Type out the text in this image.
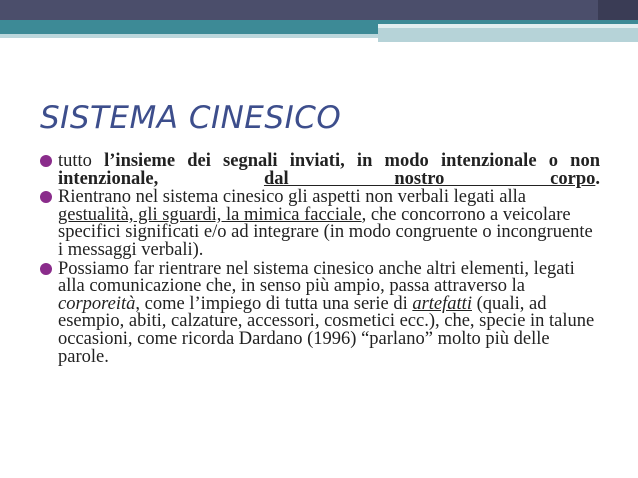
SISTEMA CINESICO

tutto l’insieme dei segnali inviati, in modo intenzionale o non intenzionale, dal nostro corpo.

Rientrano nel sistema cinesico gli aspetti non verbali legati alla gestualità, gli sguardi, la mimica facciale, che concorrono a veicolare specifici significati e/o ad integrare (in modo congruente o incongruente i messaggi verbali).

Possiamo far rientrare nel sistema cinesico anche altri elementi, legati alla comunicazione che, in senso più ampio, passa attraverso la corporeità, come l’impiego di tutta una serie di artefatti (quali, ad esempio, abiti, calzature, accessori, cosmetici ecc.), che, specie in talune occasioni, come ricorda Dardano (1996) “parlano” molto più delle parole.
